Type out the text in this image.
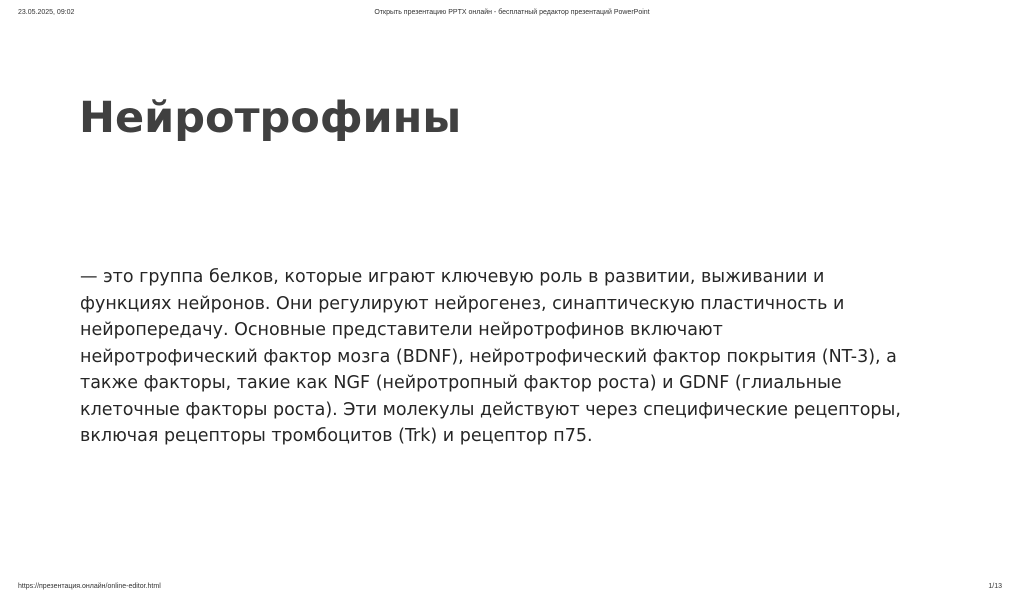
23.05.2025, 09:02	Открыть презентацию PPTX онлайн - бесплатный редактор презентаций PowerPoint
Нейротрофины

— это группа белков, которые играют ключевую роль в развитии, выживании и
функциях нейронов. Они регулируют нейрогенез, синаптическую пластичность и
нейропередачу. Основные представители нейротрофинов включают
нейротрофический фактор мозга (BDNF), нейротрофический фактор покрытия (NT-3), а
также факторы, такие как NGF (нейротропный фактор роста) и GDNF (глиальные
клеточные факторы роста). Эти молекулы действуют через специфические рецепторы,
включая рецепторы тромбоцитов (Trk) и рецептор п75.

https://презентация.онлайн/online-editor.html	1/13
